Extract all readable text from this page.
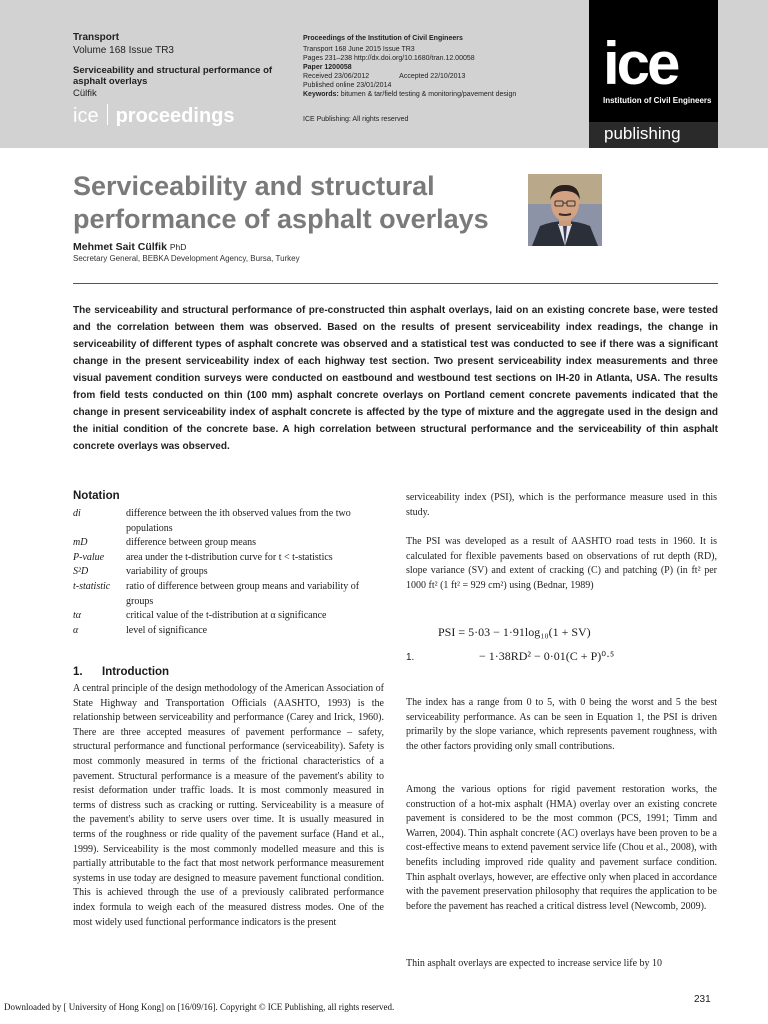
Transport
Volume 168 Issue TR3
Serviceability and structural performance of asphalt overlays
Cülfik
ice proceedings
Proceedings of the Institution of Civil Engineers
Transport 168 June 2015 Issue TR3
Pages 231–238 http://dx.doi.org/10.1680/tran.12.00058
Paper 1200058
Received 23/06/2012	Accepted 22/10/2013
Published online 23/01/2014
Keywords: bitumen & tar/field testing & monitoring/pavement design
ICE Publishing: All rights reserved
ice
Institution of Civil Engineers
publishing
Serviceability and structural
performance of asphalt overlays
Mehmet Sait Cülfik PhD
Secretary General, BEBKA Development Agency, Bursa, Turkey
The serviceability and structural performance of pre-constructed thin asphalt overlays, laid on an existing concrete base, were tested and the correlation between them was observed. Based on the results of present serviceability index readings, the change in serviceability of different types of asphalt concrete was observed and a statistical test was conducted to see if there was a significant change in the present serviceability index of each highway test section. Two present serviceability index measurements and three visual pavement condition surveys were conducted on eastbound and westbound test sections on IH-20 in Atlanta, USA. The results from field tests conducted on thin (100 mm) asphalt concrete overlays on Portland cement concrete pavements indicated that the change in present serviceability index of asphalt concrete is affected by the type of mixture and the aggregate used in the design and the initial condition of the concrete base. A high correlation between structural performance and the serviceability of thin asphalt concrete overlays was observed.
Notation
di	difference between the ith observed values from the two populations
mD	difference between group means
P-value	area under the t-distribution curve for t < t-statistics
S²D	variability of groups
t-statistic	ratio of difference between group means and variability of groups
tα	critical value of the t-distribution at α significance
α	level of significance
1. Introduction

A central principle of the design methodology of the American Association of State Highway and Transportation Officials (AASHTO, 1993) is the relationship between serviceability and performance (Carey and Irick, 1960). There are three accepted measures of pavement performance – safety, structural performance and functional performance (serviceability). Safety is most commonly measured in terms of the frictional characteristics of a pavement. Structural performance is a measure of the pavement's ability to resist deformation under traffic loads. It is most commonly measured in terms of distress such as cracking or rutting. Serviceability is a measure of the pavement's ability to serve users over time. It is usually measured in terms of the roughness or ride quality of the pavement surface (Hand et al., 1999). Serviceability is the most commonly modelled measure and this is partially attributable to the fact that most network performance measurement systems in use today are designed to measure pavement functional condition. This is achieved through the use of a previously calibrated performance index formula to weigh each of the measured distress modes. One of the most widely used functional performance indicators is the present

serviceability index (PSI), which is the performance measure used in this study.

The PSI was developed as a result of AASHTO road tests in 1960. It is calculated for flexible pavements based on observations of rut depth (RD), slope variance (SV) and extent of cracking (C) and patching (P) (in ft² per 1000 ft² (1 ft² = 929 cm²) using (Bednar, 1989)

PSI = 5·03 − 1·91log₁₀(1 + SV)
1.	− 1·38RD² − 0·01(C + P)⁰·⁵

The index has a range from 0 to 5, with 0 being the worst and 5 the best serviceability performance. As can be seen in Equation 1, the PSI is driven primarily by the slope variance, which represents pavement roughness, with the other factors providing only small contributions.

Among the various options for rigid pavement restoration works, the construction of a hot-mix asphalt (HMA) overlay over an existing concrete pavement is considered to be the most common (PCS, 1991; Timm and Warren, 2004). Thin asphalt concrete (AC) overlays have been proven to be a cost-effective means to extend pavement service life (Chou et al., 2008), with benefits including improved ride quality and pavement surface condition. Thin asphalt overlays, however, are effective only when placed in accordance with the pavement preservation philosophy that requires the application to be before the pavement has reached a critical distress level (Newcomb, 2009).

Thin asphalt overlays are expected to increase service life by 10

231
Downloaded by [ University of Hong Kong] on [16/09/16]. Copyright © ICE Publishing, all rights reserved.
